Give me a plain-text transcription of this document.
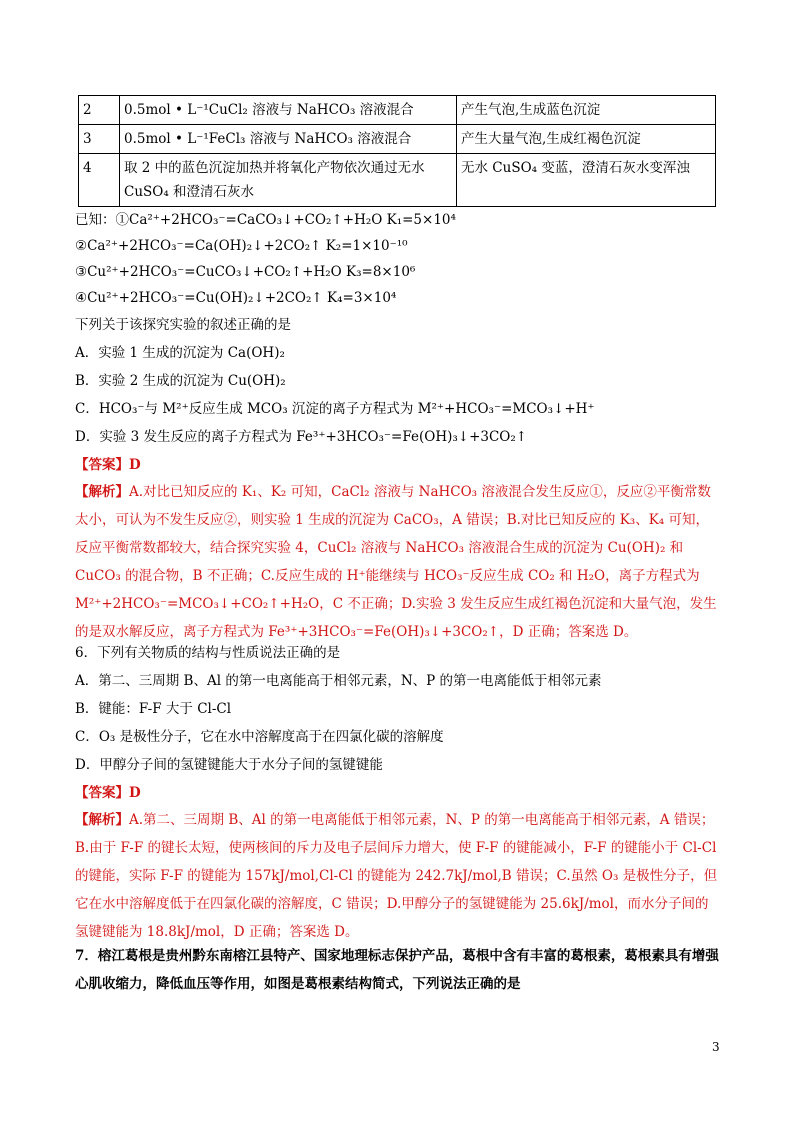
2	0.5mol • L⁻¹CuCl₂ 溶液与 NaHCO₃ 溶液混合	产生气泡,生成蓝色沉淀
3	0.5mol • L⁻¹FeCl₃ 溶液与 NaHCO₃ 溶液混合	产生大量气泡,生成红褐色沉淀
4	取 2 中的蓝色沉淀加热并将氧化产物依次通过无水 CuSO₄ 和澄清石灰水	无水 CuSO₄ 变蓝，澄清石灰水变浑浊
已知：①Ca²⁺+2HCO₃⁻=CaCO₃↓+CO₂↑+H₂O K₁=5×10⁴
②Ca²⁺+2HCO₃⁻=Ca(OH)₂↓+2CO₂↑ K₂=1×10⁻¹⁰
③Cu²⁺+2HCO₃⁻=CuCO₃↓+CO₂↑+H₂O K₃=8×10⁶
④Cu²⁺+2HCO₃⁻=Cu(OH)₂↓+2CO₂↑ K₄=3×10⁴
下列关于该探究实验的叙述正确的是
A．实验 1 生成的沉淀为 Ca(OH)₂
B．实验 2 生成的沉淀为 Cu(OH)₂
C．HCO₃⁻与 M²⁺反应生成 MCO₃ 沉淀的离子方程式为 M²⁺+HCO₃⁻=MCO₃↓+H⁺
D．实验 3 发生反应的离子方程式为 Fe³⁺+3HCO₃⁻=Fe(OH)₃↓+3CO₂↑
【答案】D
【解析】A.对比已知反应的 K₁、K₂ 可知，CaCl₂ 溶液与 NaHCO₃ 溶液混合发生反应①，反应②平衡常数太小，可认为不发生反应②，则实验 1 生成的沉淀为 CaCO₃，A 错误；B.对比已知反应的 K₃、K₄ 可知，反应平衡常数都较大，结合探究实验 4，CuCl₂ 溶液与 NaHCO₃ 溶液混合生成的沉淀为 Cu(OH)₂ 和 CuCO₃ 的混合物，B 不正确；C.反应生成的 H⁺能继续与 HCO₃⁻反应生成 CO₂ 和 H₂O，离子方程式为 M²⁺+2HCO₃⁻=MCO₃↓+CO₂↑+H₂O，C 不正确；D.实验 3 发生反应生成红褐色沉淀和大量气泡，发生的是双水解反应，离子方程式为 Fe³⁺+3HCO₃⁻=Fe(OH)₃↓+3CO₂↑，D 正确；答案选 D。
6．下列有关物质的结构与性质说法正确的是
A．第二、三周期 B、Al 的第一电离能高于相邻元素，N、P 的第一电离能低于相邻元素
B．键能：F-F 大于 Cl-Cl
C．O₃ 是极性分子，它在水中溶解度高于在四氯化碳的溶解度
D．甲醇分子间的氢键键能大于水分子间的氢键键能
【答案】D
【解析】A.第二、三周期 B、Al 的第一电离能低于相邻元素，N、P 的第一电离能高于相邻元素，A 错误；B.由于 F-F 的键长太短，使两核间的斥力及电子层间斥力增大，使 F-F 的键能减小，F-F 的键能小于 Cl-Cl 的键能，实际 F-F 的键能为 157kJ/mol,Cl-Cl 的键能为 242.7kJ/mol,B 错误；C.虽然 O₃ 是极性分子，但它在水中溶解度低于在四氯化碳的溶解度，C 错误；D.甲醇分子的氢键键能为 25.6kJ/mol，而水分子间的氢键键能为 18.8kJ/mol，D 正确；答案选 D。
7．榕江葛根是贵州黔东南榕江县特产、国家地理标志保护产品，葛根中含有丰富的葛根素，葛根素具有增强心肌收缩力，降低血压等作用，如图是葛根素结构简式，下列说法正确的是
3
